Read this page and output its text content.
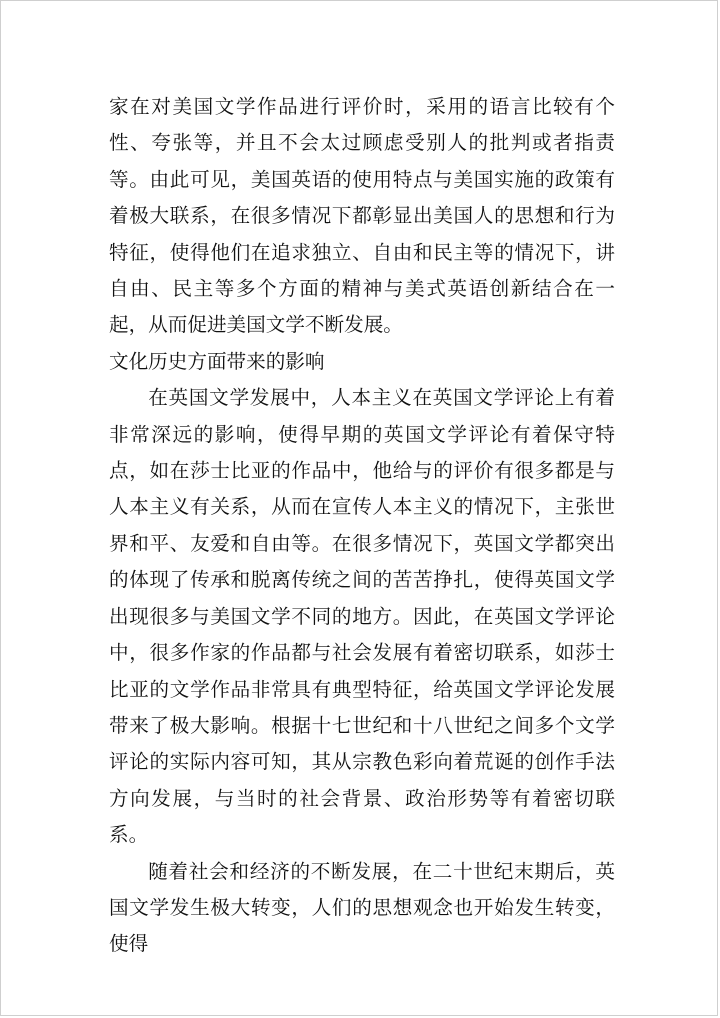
家在对美国文学作品进行评价时，采用的语言比较有个性、夸张等，并且不会太过顾虑受别人的批判或者指责等。由此可见，美国英语的使用特点与美国实施的政策有着极大联系，在很多情况下都彰显出美国人的思想和行为特征，使得他们在追求独立、自由和民主等的情况下，讲自由、民主等多个方面的精神与美式英语创新结合在一起，从而促进美国文学不断发展。

文化历史方面带来的影响

在英国文学发展中，人本主义在英国文学评论上有着非常深远的影响，使得早期的英国文学评论有着保守特点，如在莎士比亚的作品中，他给与的评价有很多都是与人本主义有关系，从而在宣传人本主义的情况下，主张世界和平、友爱和自由等。在很多情况下，英国文学都突出的体现了传承和脱离传统之间的苦苦挣扎，使得英国文学出现很多与美国文学不同的地方。因此，在英国文学评论中，很多作家的作品都与社会发展有着密切联系，如莎士比亚的文学作品非常具有典型特征，给英国文学评论发展带来了极大影响。根据十七世纪和十八世纪之间多个文学评论的实际内容可知，其从宗教色彩向着荒诞的创作手法方向发展，与当时的社会背景、政治形势等有着密切联系。

随着社会和经济的不断发展，在二十世纪末期后，英国文学发生极大转变，人们的思想观念也开始发生转变，使得
